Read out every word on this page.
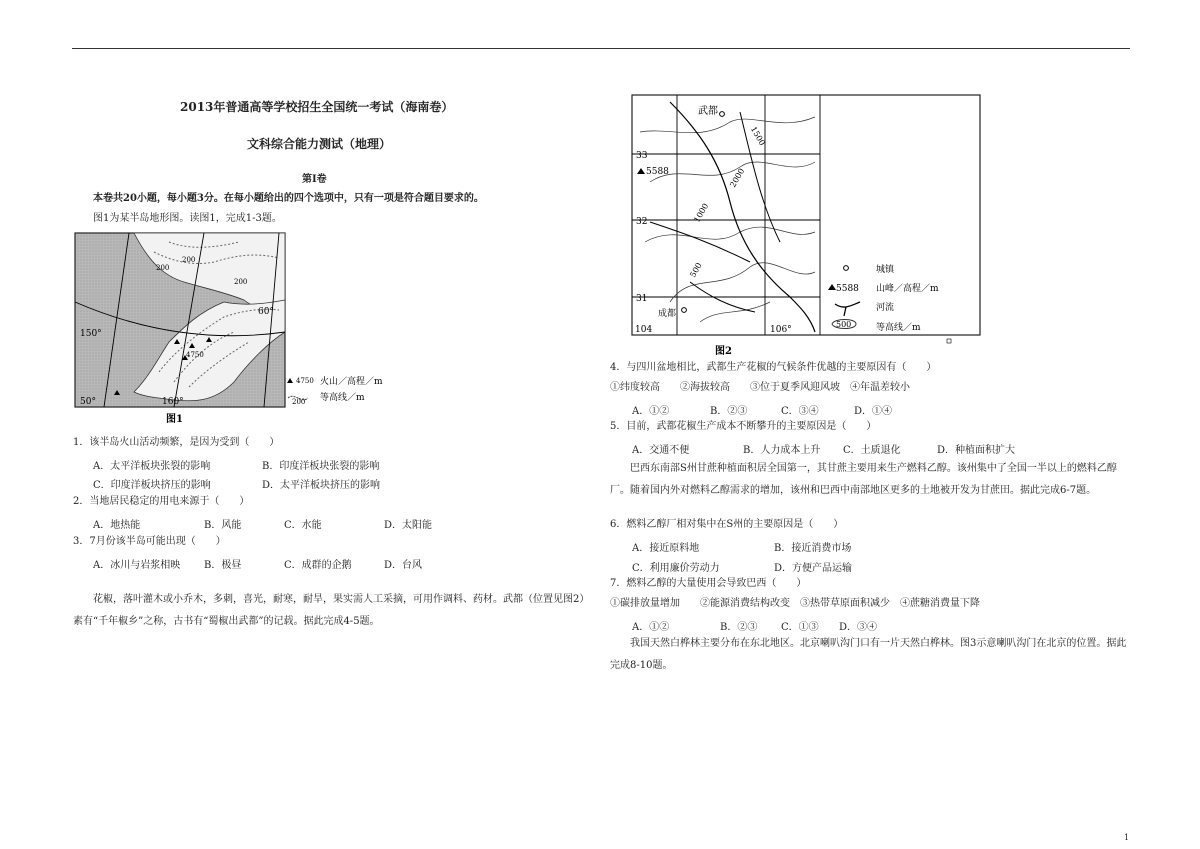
2013年普通高等学校招生全国统一考试（海南卷）
文科综合能力测试（地理）
第Ⅰ卷
本卷共20小题，每小题3分。在每小题给出的四个选项中，只有一项是符合题目要求的。
图1为某半岛地形图。读图1，完成1-3题。
200
200
200
4750
60°
150°
160°
50°
4750 火山／高程／m
200 等高线／m
图1
1．该半岛火山活动频繁，是因为受到（　　）
A．太平洋板块张裂的影响	B．印度洋板块张裂的影响
C．印度洋板块挤压的影响	D．太平洋板块挤压的影响
2．当地居民稳定的用电来源于（　　）
A．地热能	B．风能	C．水能	D．太阳能
3．7月份该半岛可能出现（　　）
A．冰川与岩浆相映 B．极昼	C．成群的企鹅	D．台风
花椒，落叶灌木或小乔木，多刺，喜光，耐寒，耐旱，果实需人工采摘，可用作调料、药材。武都（位置见图2）素有“千年椒乡”之称，古书有“蜀椒出武都”的记载。据此完成4-5题。
武都
成都
5588
33
32
31
104	106°
1500
2000
1000
500	城镇
5588 山峰／高程／m
河流
500	等高线／m
图2
4．与四川盆地相比，武都生产花椒的气候条件优越的主要原因有（　　）
①纬度较高　　②海拔较高　　③位于夏季风迎风坡　④年温差较小
A．①②	B．②③	C．③④	D．①④
5．目前，武都花椒生产成本不断攀升的主要原因是（　　）
A．交通不便	B．人力成本上升 C．土质退化	D．种植面积扩大
巴西东南部S州甘蔗种植面积居全国第一，其甘蔗主要用来生产燃料乙醇。该州集中了全国一半以上的燃料乙醇厂。随着国内外对燃料乙醇需求的增加，该州和巴西中南部地区更多的土地被开发为甘蔗田。据此完成6-7题。
6．燃料乙醇厂相对集中在S州的主要原因是（　　）
A．接近原料地	B．接近消费市场
C．利用廉价劳动力	D．方便产品运输
7．燃料乙醇的大量使用会导致巴西（　　）
①碳排放量增加　　②能源消费结构改变　③热带草原面积减少　④蔗糖消费量下降
A．①②	B．②③ C．①③ D．③④
我国天然白桦林主要分布在东北地区。北京喇叭沟门口有一片天然白桦林。图3示意喇叭沟门在北京的位置。据此完成8-10题。
1
